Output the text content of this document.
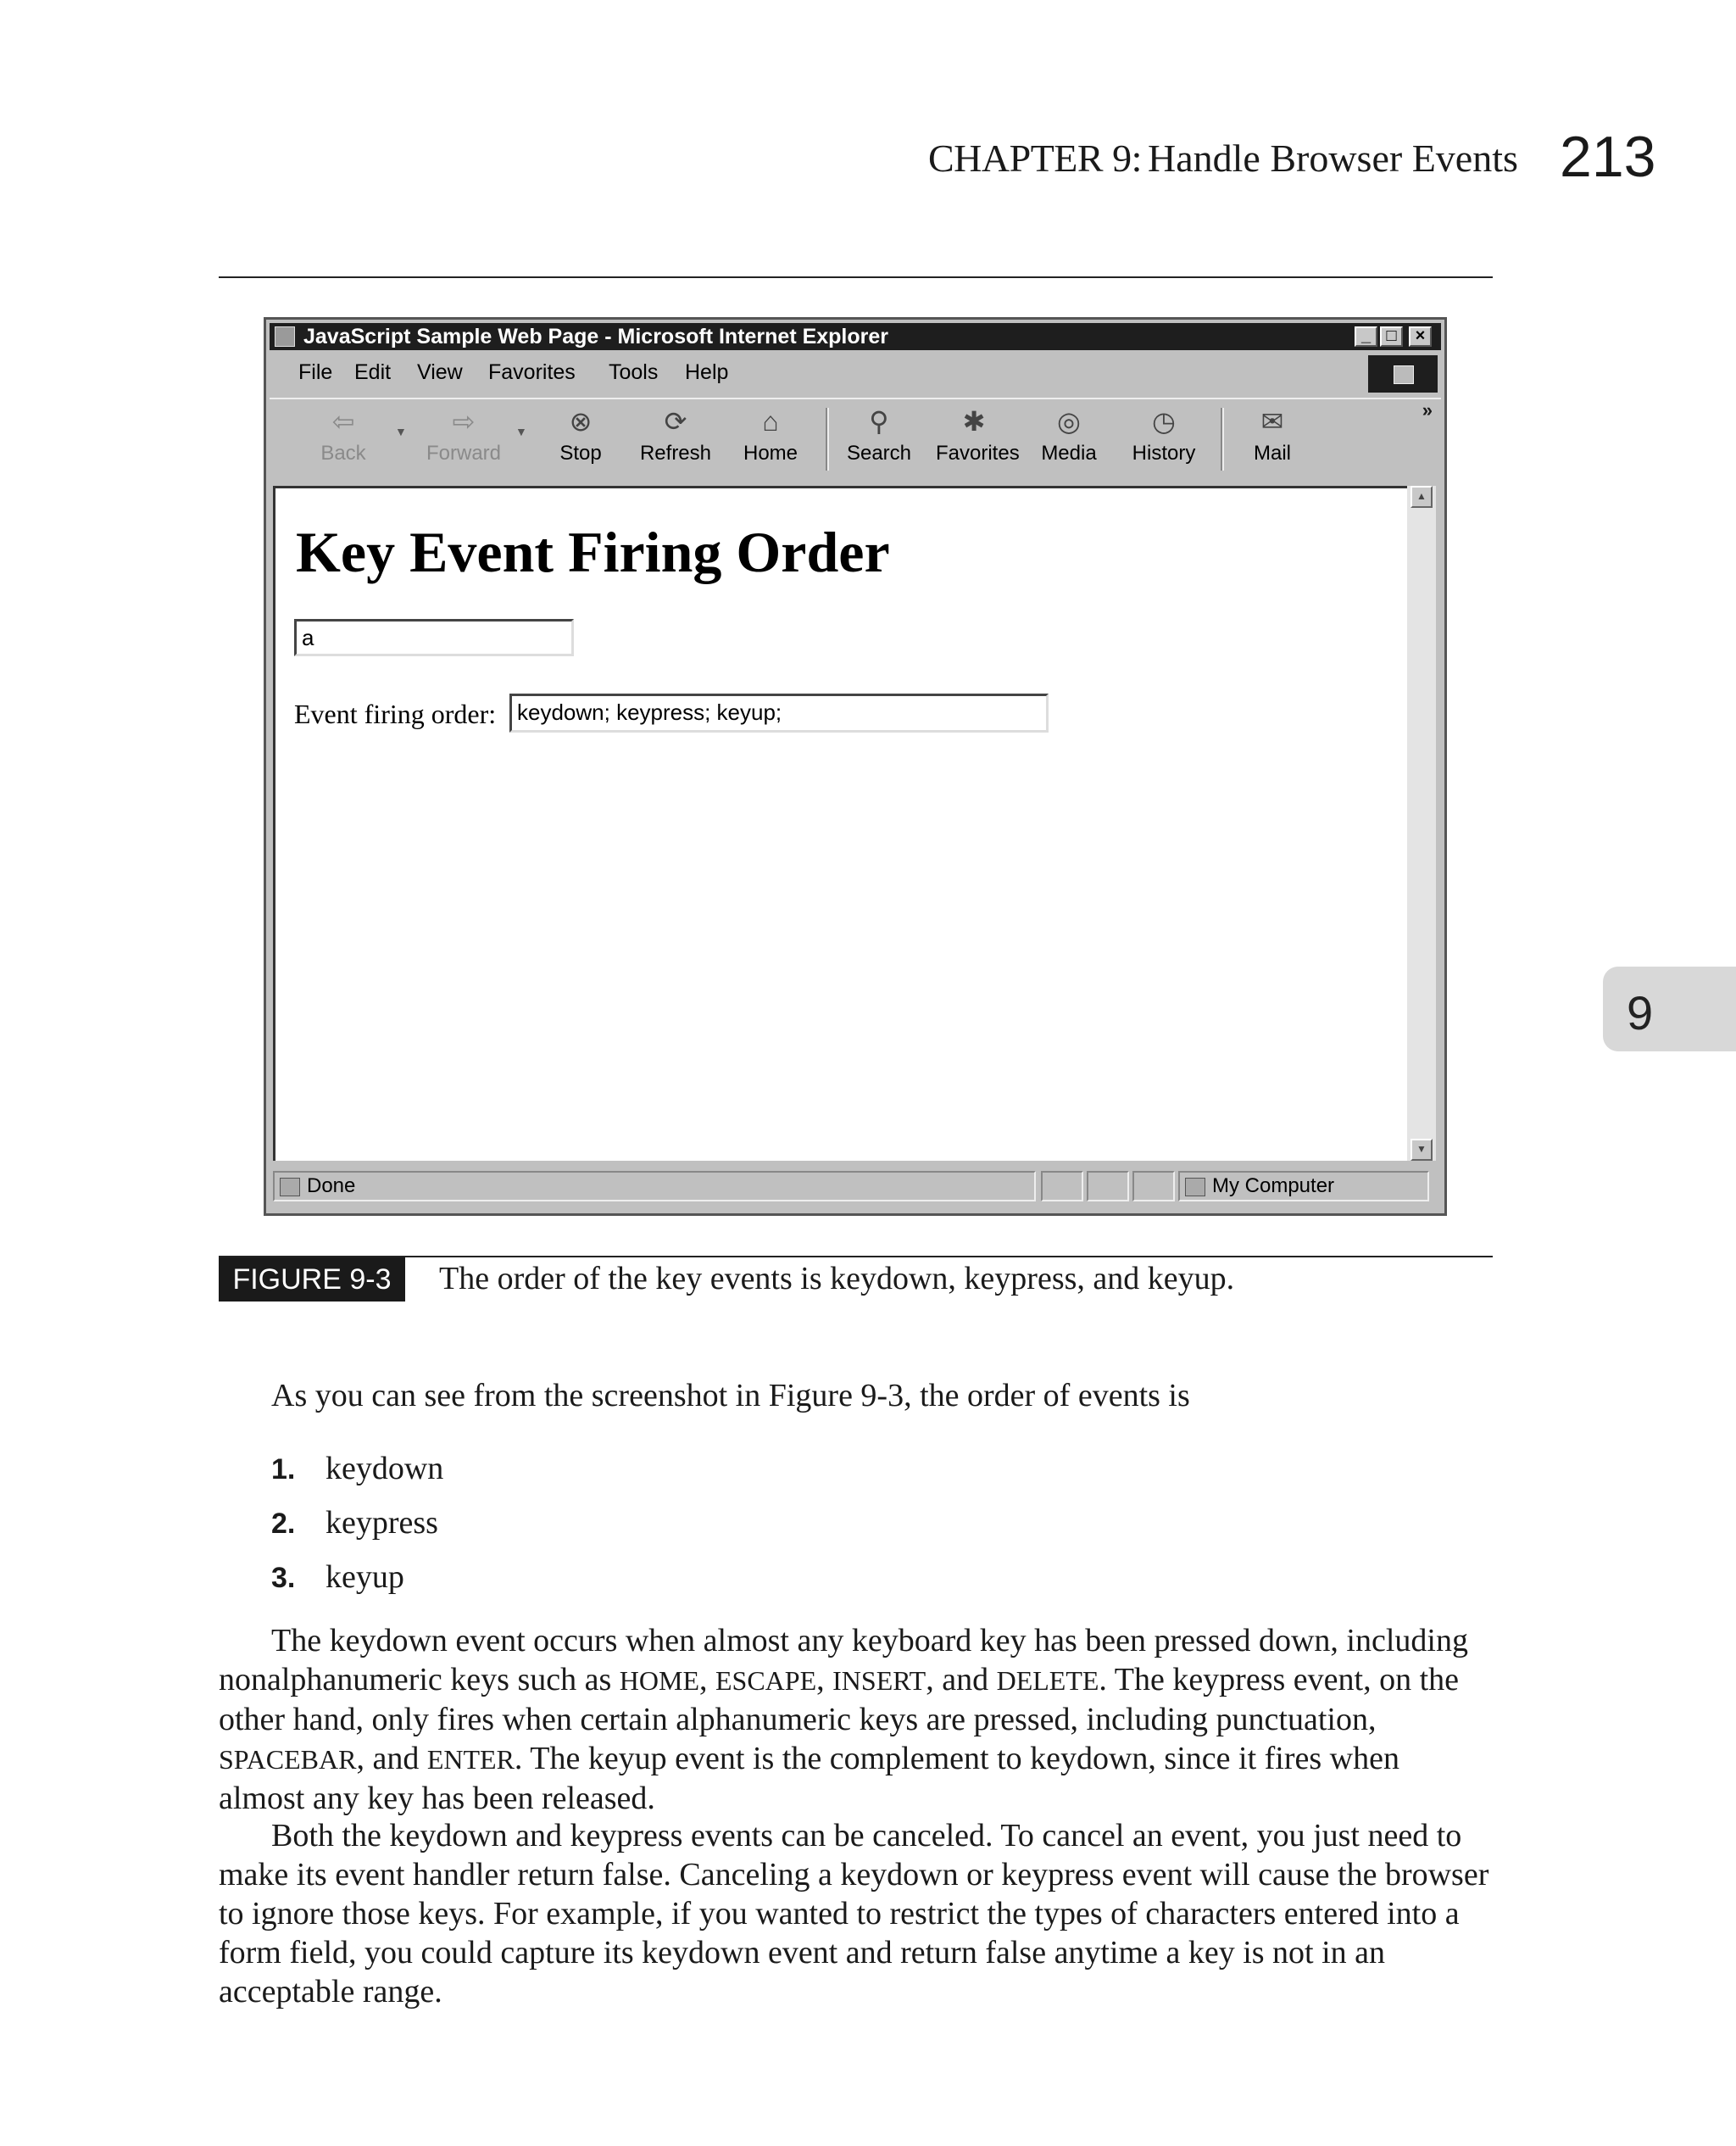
CHAPTER 9: Handle Browser Events 213
9
JavaScript Sample Web Page - Microsoft Internet Explorer	_ □	×
File Edit View Favorites Tools Help
⇦
Back
▼ ⇨
Forward
▼ ⊗
Stop
⟳
Refresh
⌂
Home
⚲
Search
✱
Favorites
◎
Media
◷
History
✉
Mail
»
Key Event Firing Order
a
Event firing order: keydown; keypress; keyup;
▲
▼
Done	My Computer
FIGURE 9-3	The order of the key events is keydown, keypress, and keyup.
As you can see from the screenshot in Figure 9-3, the order of events is
1. keydown
2. keypress
3. keyup

The keydown event occurs when almost any keyboard key has been pressed down, including nonalphanumeric keys such as HOME, ESCAPE, INSERT, and DELETE. The keypress event, on the other hand, only fires when certain alphanumeric keys are pressed, including punctuation, SPACEBAR, and ENTER. The keyup event is the complement to keydown, since it fires when almost any key has been released.

Both the keydown and keypress events can be canceled. To cancel an event, you just need to make its event handler return false. Canceling a keydown or keypress event will cause the browser to ignore those keys. For example, if you wanted to restrict the types of characters entered into a form field, you could capture its keydown event and return false anytime a key is not in an acceptable range.
